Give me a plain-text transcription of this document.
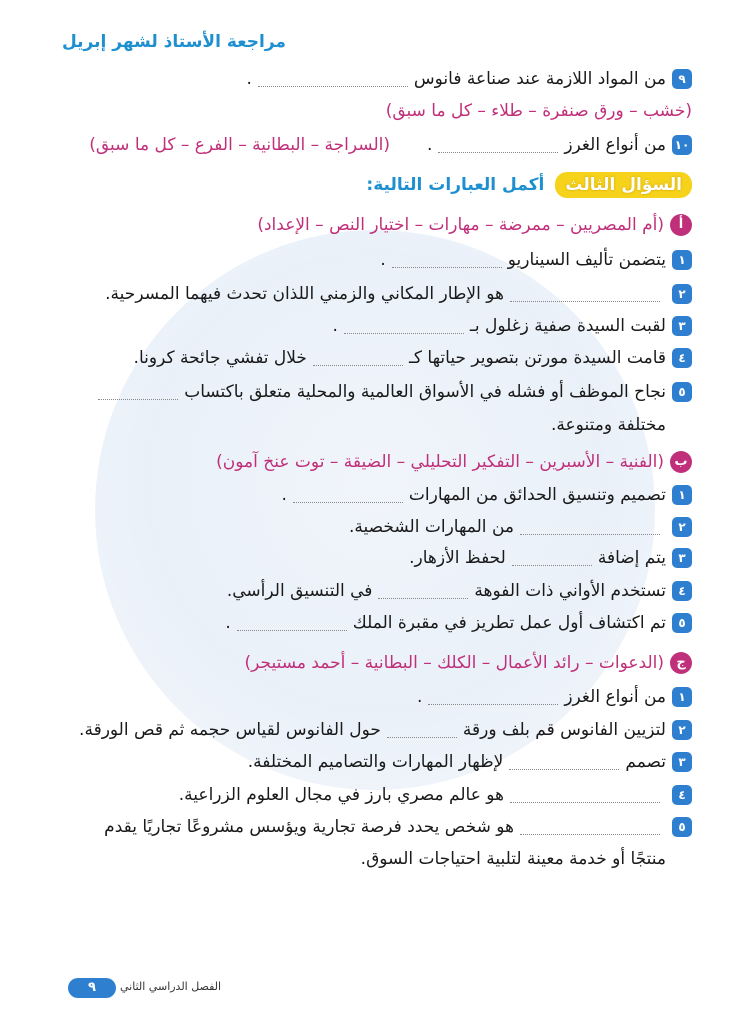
مراجعة الأستاذ لشهر إبريل
٩من المواد اللازمة عند صناعة فانوس.
(خشب – ورق صنفرة – طلاء – كل ما سبق)
١٠من أنواع الغرز.
(السراجة – البطانية – الفرع – كل ما سبق)
السؤال الثالث أكمل العبارات التالية:
أ(أم المصريين – ممرضة – مهارات – اختيار النص – الإعداد)
١يتضمن تأليف السيناريو.
٢هو الإطار المكاني والزمني اللذان تحدث فيهما المسرحية.
٣لقبت السيدة صفية زغلول بـ.
٤قامت السيدة مورتن بتصوير حياتها كـخلال تفشي جائحة كرونا.
٥نجاح الموظف أو فشله في الأسواق العالمية والمحلية متعلق باكتساب
مختلفة ومتنوعة.
ب(الفنية – الأسبرين – التفكير التحليلي – الضيقة – توت عنخ آمون)
١تصميم وتنسيق الحدائق من المهارات.
٢من المهارات الشخصية.
٣يتم إضافةلحفظ الأزهار.
٤تستخدم الأواني ذات الفوهةفي التنسيق الرأسي.
٥تم اكتشاف أول عمل تطريز في مقبرة الملك.
ج(الدعوات – رائد الأعمال – الكلك – البطانية – أحمد مستيجر)
١من أنواع الغرز.
٢لتزيين الفانوس قم بلف ورقةحول الفانوس لقياس حجمه ثم قص الورقة.
٣تصمملإظهار المهارات والتصاميم المختلفة.
٤هو عالم مصري بارز في مجال العلوم الزراعية.
٥هو شخص يحدد فرصة تجارية ويؤسس مشروعًا تجاريًا يقدم
منتجًا أو خدمة معينة لتلبية احتياجات السوق.
٩	الفصل الدراسي الثاني
